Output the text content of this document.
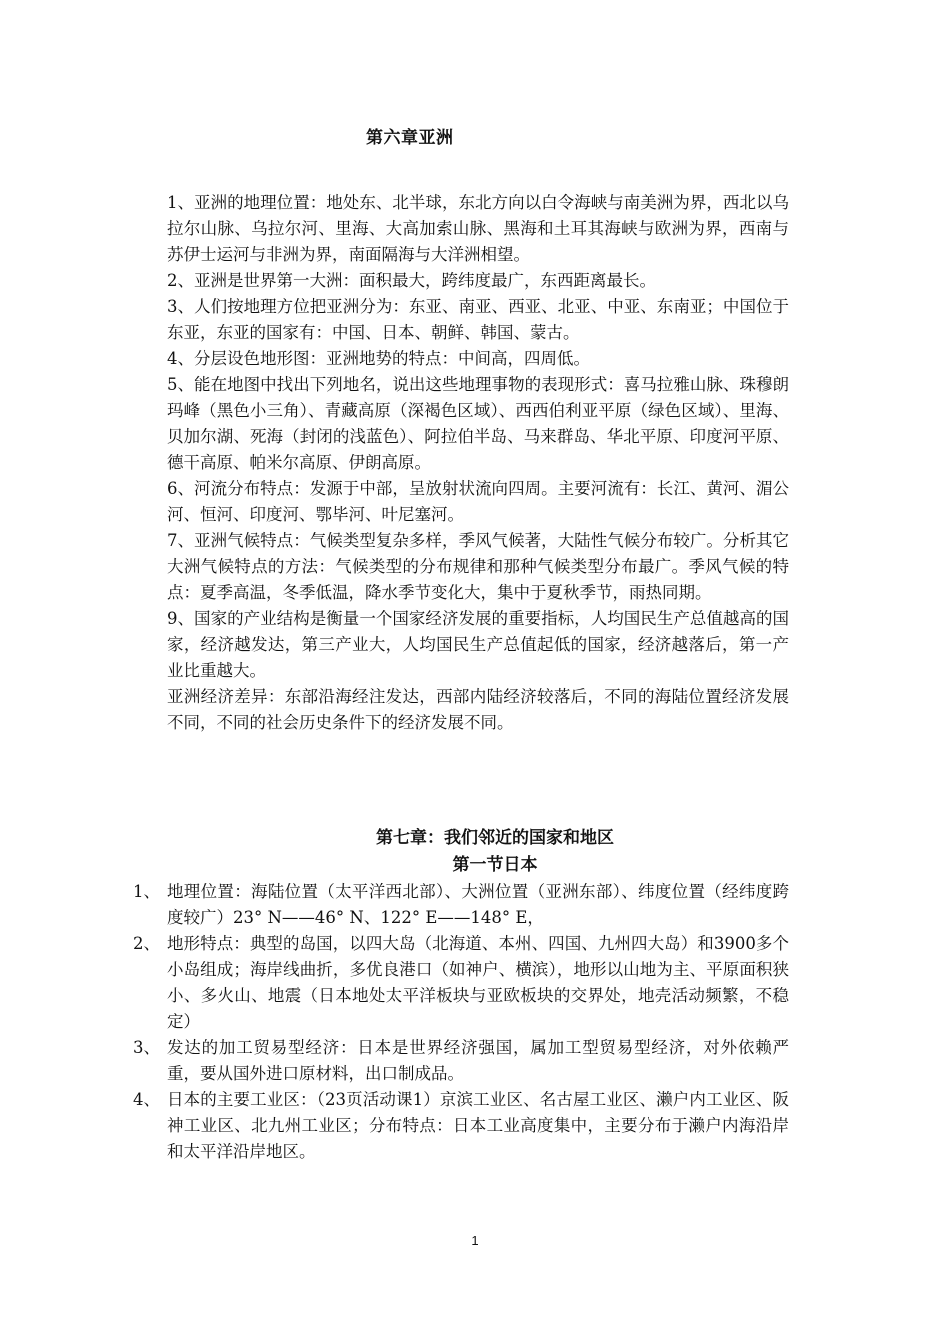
第六章亚洲

1、亚洲的地理位置：地处东、北半球，东北方向以白令海峡与南美洲为界，西北以乌拉尔山脉、乌拉尔河、里海、大高加索山脉、黑海和土耳其海峡与欧洲为界，西南与苏伊士运河与非洲为界，南面隔海与大洋洲相望。

2、亚洲是世界第一大洲：面积最大，跨纬度最广，东西距离最长。

3、人们按地理方位把亚洲分为：东亚、南亚、西亚、北亚、中亚、东南亚；中国位于东亚，东亚的国家有：中国、日本、朝鲜、韩国、蒙古。

4、分层设色地形图：亚洲地势的特点：中间高，四周低。

5、能在地图中找出下列地名，说出这些地理事物的表现形式：喜马拉雅山脉、珠穆朗玛峰（黑色小三角）、青藏高原（深褐色区域）、西西伯利亚平原（绿色区域）、里海、贝加尔湖、死海（封闭的浅蓝色）、阿拉伯半岛、马来群岛、华北平原、印度河平原、德干高原、帕米尔高原、伊朗高原。

6、河流分布特点：发源于中部，呈放射状流向四周。主要河流有：长江、黄河、湄公河、恒河、印度河、鄂毕河、叶尼塞河。

7、亚洲气候特点：气候类型复杂多样，季风气候著，大陆性气候分布较广。分析其它大洲气候特点的方法：气候类型的分布规律和那种气候类型分布最广。季风气候的特点：夏季高温，冬季低温，降水季节变化大，集中于夏秋季节，雨热同期。

9、国家的产业结构是衡量一个国家经济发展的重要指标，人均国民生产总值越高的国家，经济越发达，第三产业大，人均国民生产总值起低的国家，经济越落后，第一产业比重越大。

亚洲经济差异：东部沿海经注发达，西部内陆经济较落后，不同的海陆位置经济发展不同，不同的社会历史条件下的经济发展不同。

第七章：我们邻近的国家和地区
第一节日本
1、 地理位置：海陆位置（太平洋西北部）、大洲位置（亚洲东部）、纬度位置（经纬度跨度较广）23° N——46° N、122° E——148° E，
2、 地形特点：典型的岛国，以四大岛（北海道、本州、四国、九州四大岛）和3900多个小岛组成；海岸线曲折，多优良港口（如神户、横滨），地形以山地为主、平原面积狭小、多火山、地震（日本地处太平洋板块与亚欧板块的交界处，地壳活动频繁，不稳定）
3、 发达的加工贸易型经济：日本是世界经济强国，属加工型贸易型经济，对外依赖严重，要从国外进口原材料，出口制成品。
4、 日本的主要工业区：（23页活动课1）京滨工业区、名古屋工业区、濑户内工业区、阪神工业区、北九州工业区；分布特点：日本工业高度集中，主要分布于濑户内海沿岸和太平洋沿岸地区。
1
